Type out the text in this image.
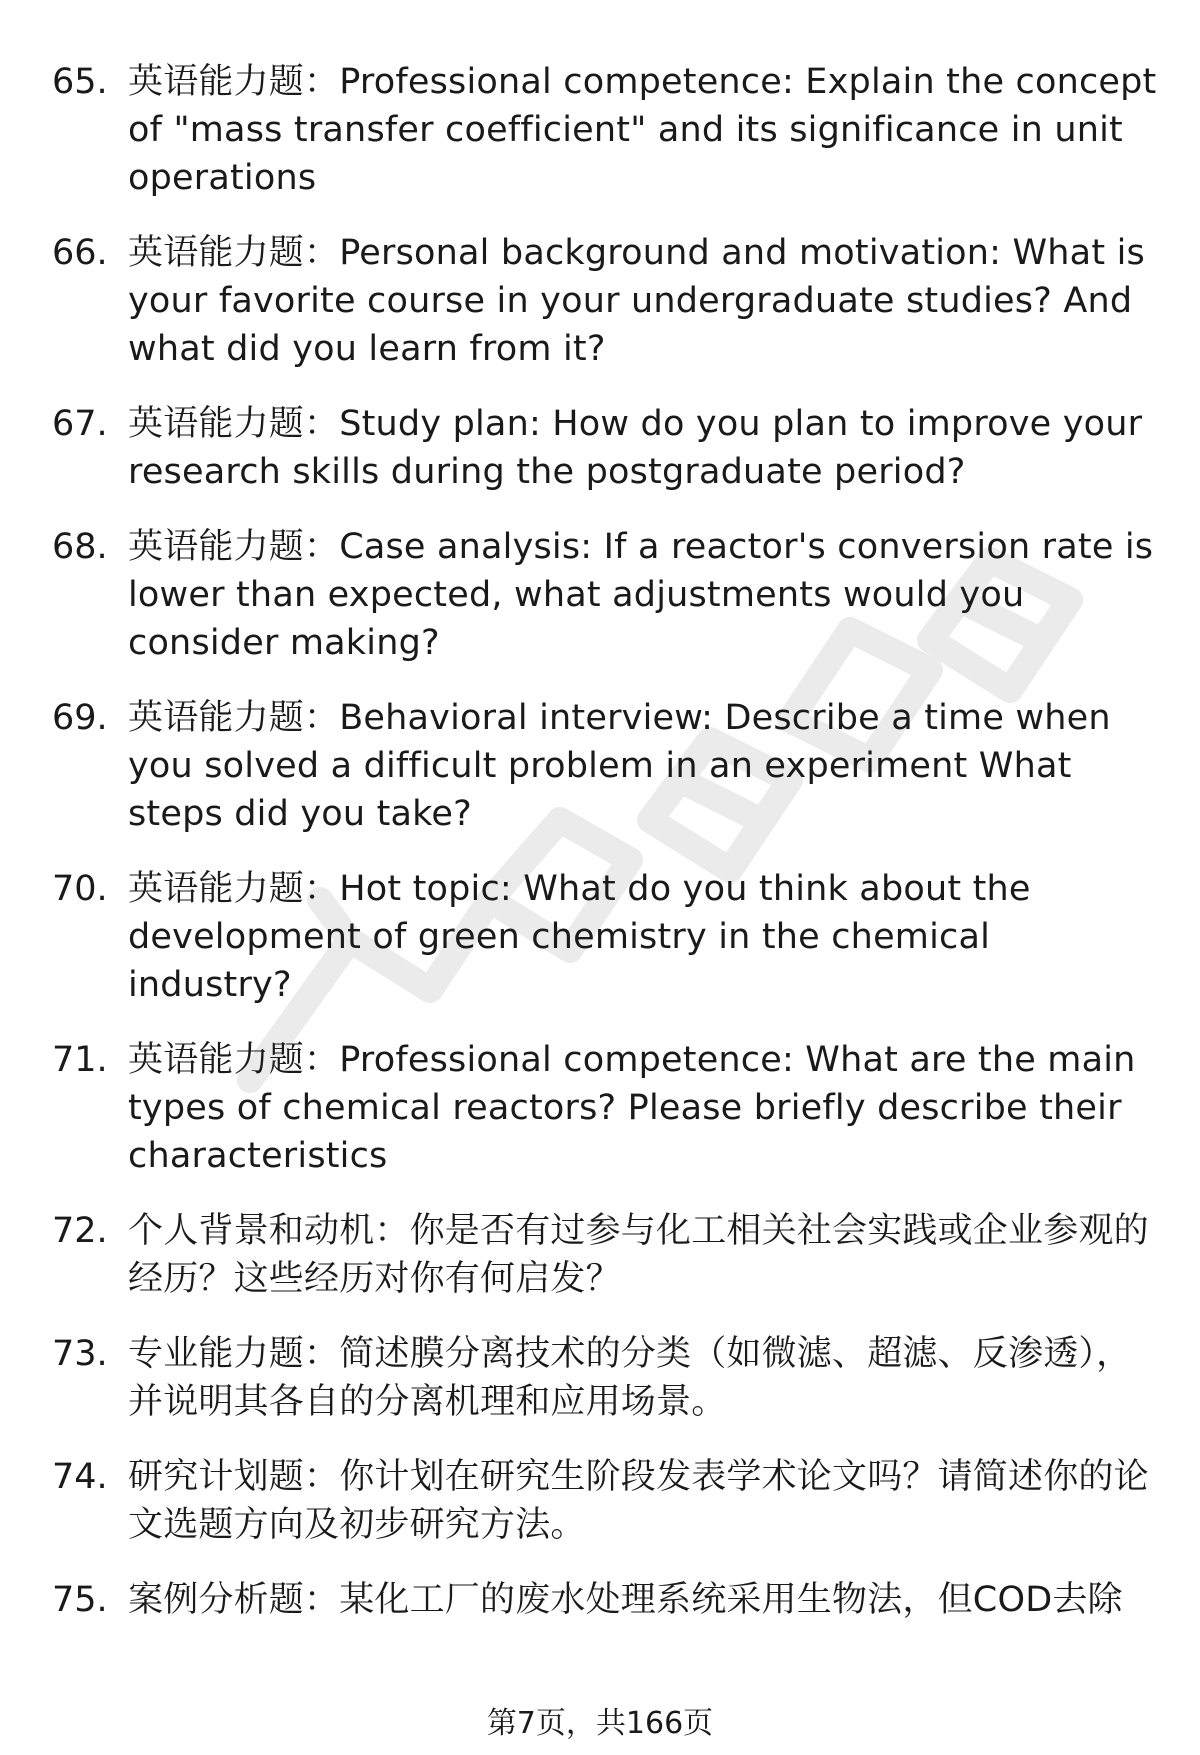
65. 英语能力题：Professional competence: Explain the concept of "mass transfer coefficient" and its significance in unit operations
66. 英语能力题：Personal background and motivation: What is your favorite course in your undergraduate studies? And what did you learn from it?
67. 英语能力题：Study plan: How do you plan to improve your research skills during the postgraduate period?
68. 英语能力题：Case analysis: If a reactor's conversion rate is lower than expected, what adjustments would you consider making?
69. 英语能力题：Behavioral interview: Describe a time when you solved a difficult problem in an experiment What steps did you take?
70. 英语能力题：Hot topic: What do you think about the development of green chemistry in the chemical industry?
71. 英语能力题：Professional competence: What are the main types of chemical reactors? Please briefly describe their characteristics
72. 个人背景和动机：你是否有过参与化工相关社会实践或企业参观的经历？这些经历对你有何启发？
73. 专业能力题：简述膜分离技术的分类（如微滤、超滤、反渗透），并说明其各自的分离机理和应用场景。
74. 研究计划题：你计划在研究生阶段发表学术论文吗？请简述你的论文选题方向及初步研究方法。
75. 案例分析题：某化工厂的废水处理系统采用生物法，但COD去除
第7页，共166页
